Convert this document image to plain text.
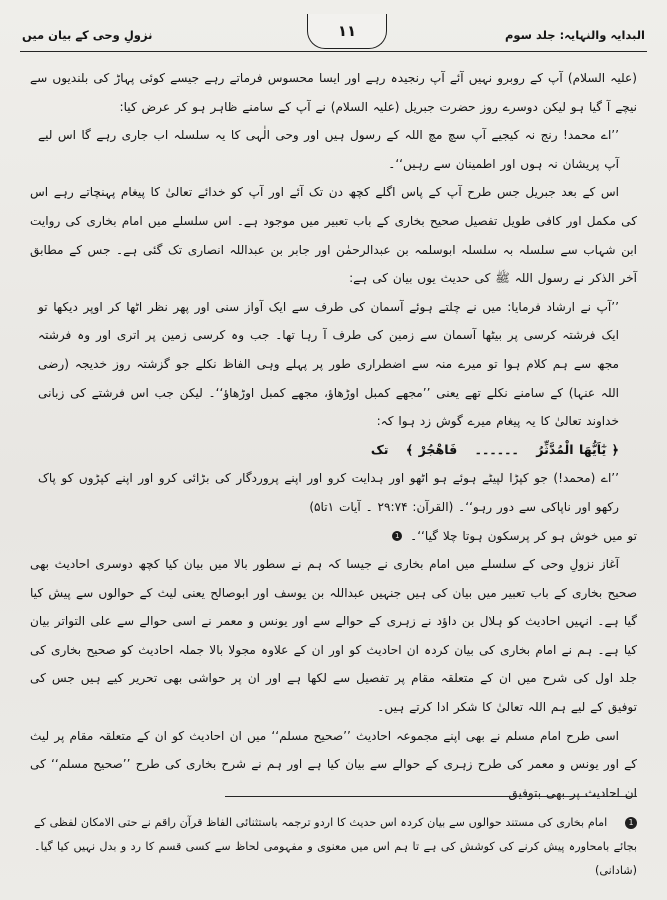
البدایہ والنہایہ: جلد سوم
۱۱
نزولِ وحی کے بیان میں

(علیہ السلام) آپ کے روبرو نہیں آئے آپ رنجیدہ رہے اور ایسا محسوس فرماتے رہے جیسے کوئی پہاڑ کی بلندیوں سے نیچے آ گیا ہو لیکن دوسرے روز حضرت جبریل (علیہ السلام) نے آپ کے سامنے ظاہر ہو کر عرض کیا:

’’اے محمد! رنج نہ کیجیے آپ سچ مچ اللہ کے رسول ہیں اور وحی الٰہی کا یہ سلسلہ اب جاری رہے گا اس لیے آپ پریشان نہ ہوں اور اطمینان سے رہیں‘‘۔

اس کے بعد جبریل جس طرح آپ کے پاس اگلے کچھ دن تک آئے اور آپ کو خدائے تعالیٰ کا پیغام پہنچاتے رہے اس کی مکمل اور کافی طویل تفصیل صحیح بخاری کے باب تعبیر میں موجود ہے۔ اس سلسلے میں امام بخاری کی روایت ابن شہاب سے سلسلہ بہ سلسلہ ابوسلمہ بن عبدالرحمٰن اور جابر بن عبداللہ انصاری تک گئی ہے۔ جس کے مطابق آخر الذکر نے رسول اللہ ﷺ کی حدیث یوں بیان کی ہے:

’’آپ نے ارشاد فرمایا: میں نے چلتے ہوئے آسمان کی طرف سے ایک آواز سنی اور پھر نظر اٹھا کر اوپر دیکھا تو ایک فرشتہ کرسی پر بیٹھا آسمان سے زمین کی طرف آ رہا تھا۔ جب وہ کرسی زمین پر اتری اور وہ فرشتہ مجھ سے ہم کلام ہوا تو میرے منہ سے اضطراری طور پر پہلے وہی الفاظ نکلے جو گزشتہ روز خدیجہ (رضی اللہ عنہا) کے سامنے نکلے تھے یعنی ’’مجھے کمبل اوڑھاؤ، مجھے کمبل اوڑھاؤ‘‘۔ لیکن جب اس فرشتے کی زبانی خداوند تعالیٰ کا یہ پیغام میرے گوش زد ہوا کہ:

﴿ یٰٓاَیُّھَا الْمُدَّثِّرُ ۔۔۔۔۔۔ فَاھْجُرْ ﴾ تک

’’اے (محمد!) جو کپڑا لپیٹے ہوئے ہو اٹھو اور ہدایت کرو اور اپنے پروردگار کی بڑائی کرو اور اپنے کپڑوں کو پاک رکھو اور ناپاکی سے دور رہو‘‘۔ (القرآن: ۲۹:۷۴ ۔ آیات ۱تا۵)

تو میں خوش ہو کر پرسکون ہوتا چلا گیا‘‘۔ 1

آغاز نزولِ وحی کے سلسلے میں امام بخاری نے جیسا کہ ہم نے سطور بالا میں بیان کیا کچھ دوسری احادیث بھی صحیح بخاری کے باب تعبیر میں بیان کی ہیں جنہیں عبداللہ بن یوسف اور ابوصالح یعنی لیث کے حوالوں سے پیش کیا گیا ہے۔ انہیں احادیث کو ہلال بن داؤد نے زہری کے حوالے سے اور یونس و معمر نے اسی حوالے سے علی التواتر بیان کیا ہے۔ ہم نے امام بخاری کی بیان کردہ ان احادیث کو اور ان کے علاوہ مجولا بالا جملہ احادیث کو صحیح بخاری کی جلد اول کی شرح میں ان کے متعلقہ مقام پر تفصیل سے لکھا ہے اور ان پر حواشی بھی تحریر کیے ہیں جس کی توفیق کے لیے ہم اللہ تعالیٰ کا شکر ادا کرتے ہیں۔

اسی طرح امام مسلم نے بھی اپنے مجموعہ احادیث ’’صحیح مسلم‘‘ میں ان احادیث کو ان کے متعلقہ مقام پر لیث کے اور یونس و معمر کی طرح زہری کے حوالے سے بیان کیا ہے اور ہم نے شرح بخاری کی طرح ’’صحیح مسلم‘‘ کی ان احادیث پر بھی بتوفیق

1 امام بخاری کی مستند حوالوں سے بیان کردہ اس حدیث کا اردو ترجمہ باستثنائی الفاظ قرآن راقم نے حتی الامکان لفظی کے بجائے بامحاورہ پیش کرنے کی کوشش کی ہے تا ہم اس میں معنوی و مفہومی لحاظ سے کسی قسم کا رد و بدل نہیں کیا گیا۔ (شادانی)
